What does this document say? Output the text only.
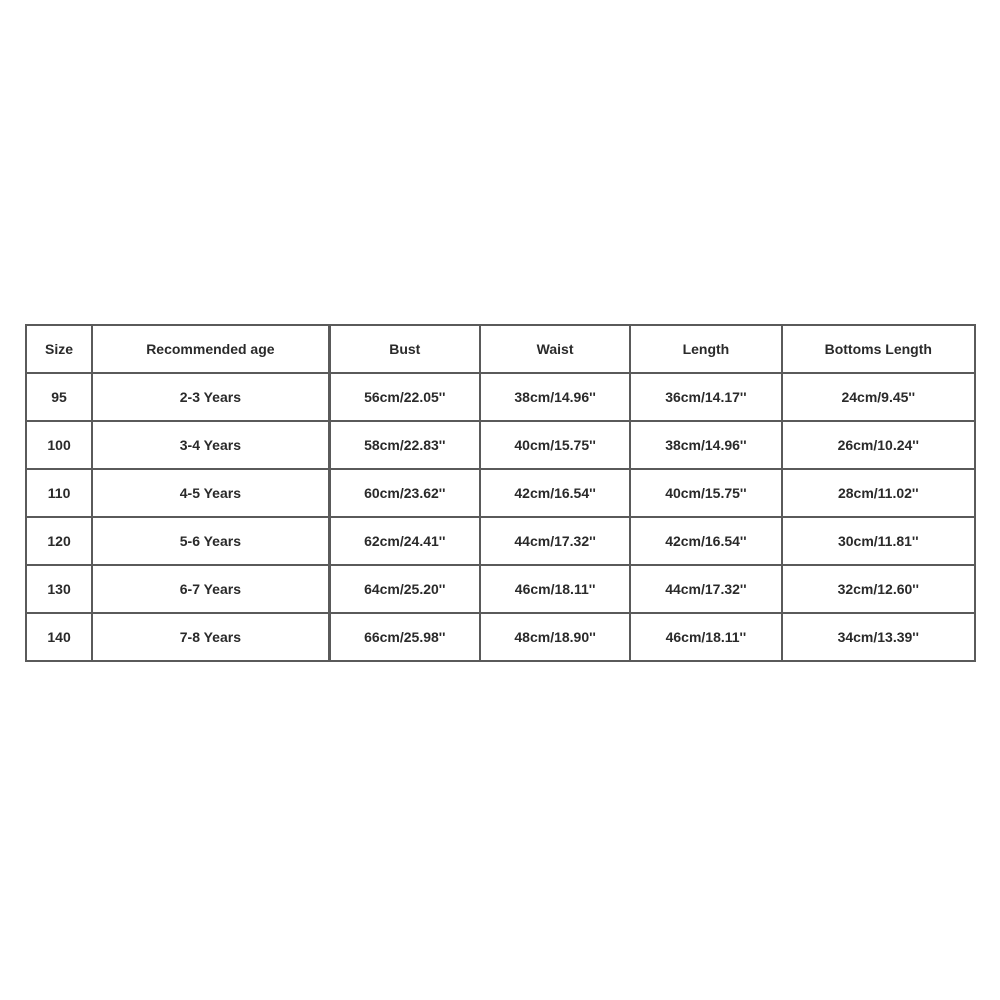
Size	Recommended age	Bust	Waist	Length	Bottoms Length
95	2-3 Years	56cm/22.05''	38cm/14.96''	36cm/14.17''	24cm/9.45''
100	3-4 Years	58cm/22.83''	40cm/15.75''	38cm/14.96''	26cm/10.24''
110	4-5 Years	60cm/23.62''	42cm/16.54''	40cm/15.75''	28cm/11.02''
120	5-6 Years	62cm/24.41''	44cm/17.32''	42cm/16.54''	30cm/11.81''
130	6-7 Years	64cm/25.20''	46cm/18.11''	44cm/17.32''	32cm/12.60''
140	7-8 Years	66cm/25.98''	48cm/18.90''	46cm/18.11''	34cm/13.39''
